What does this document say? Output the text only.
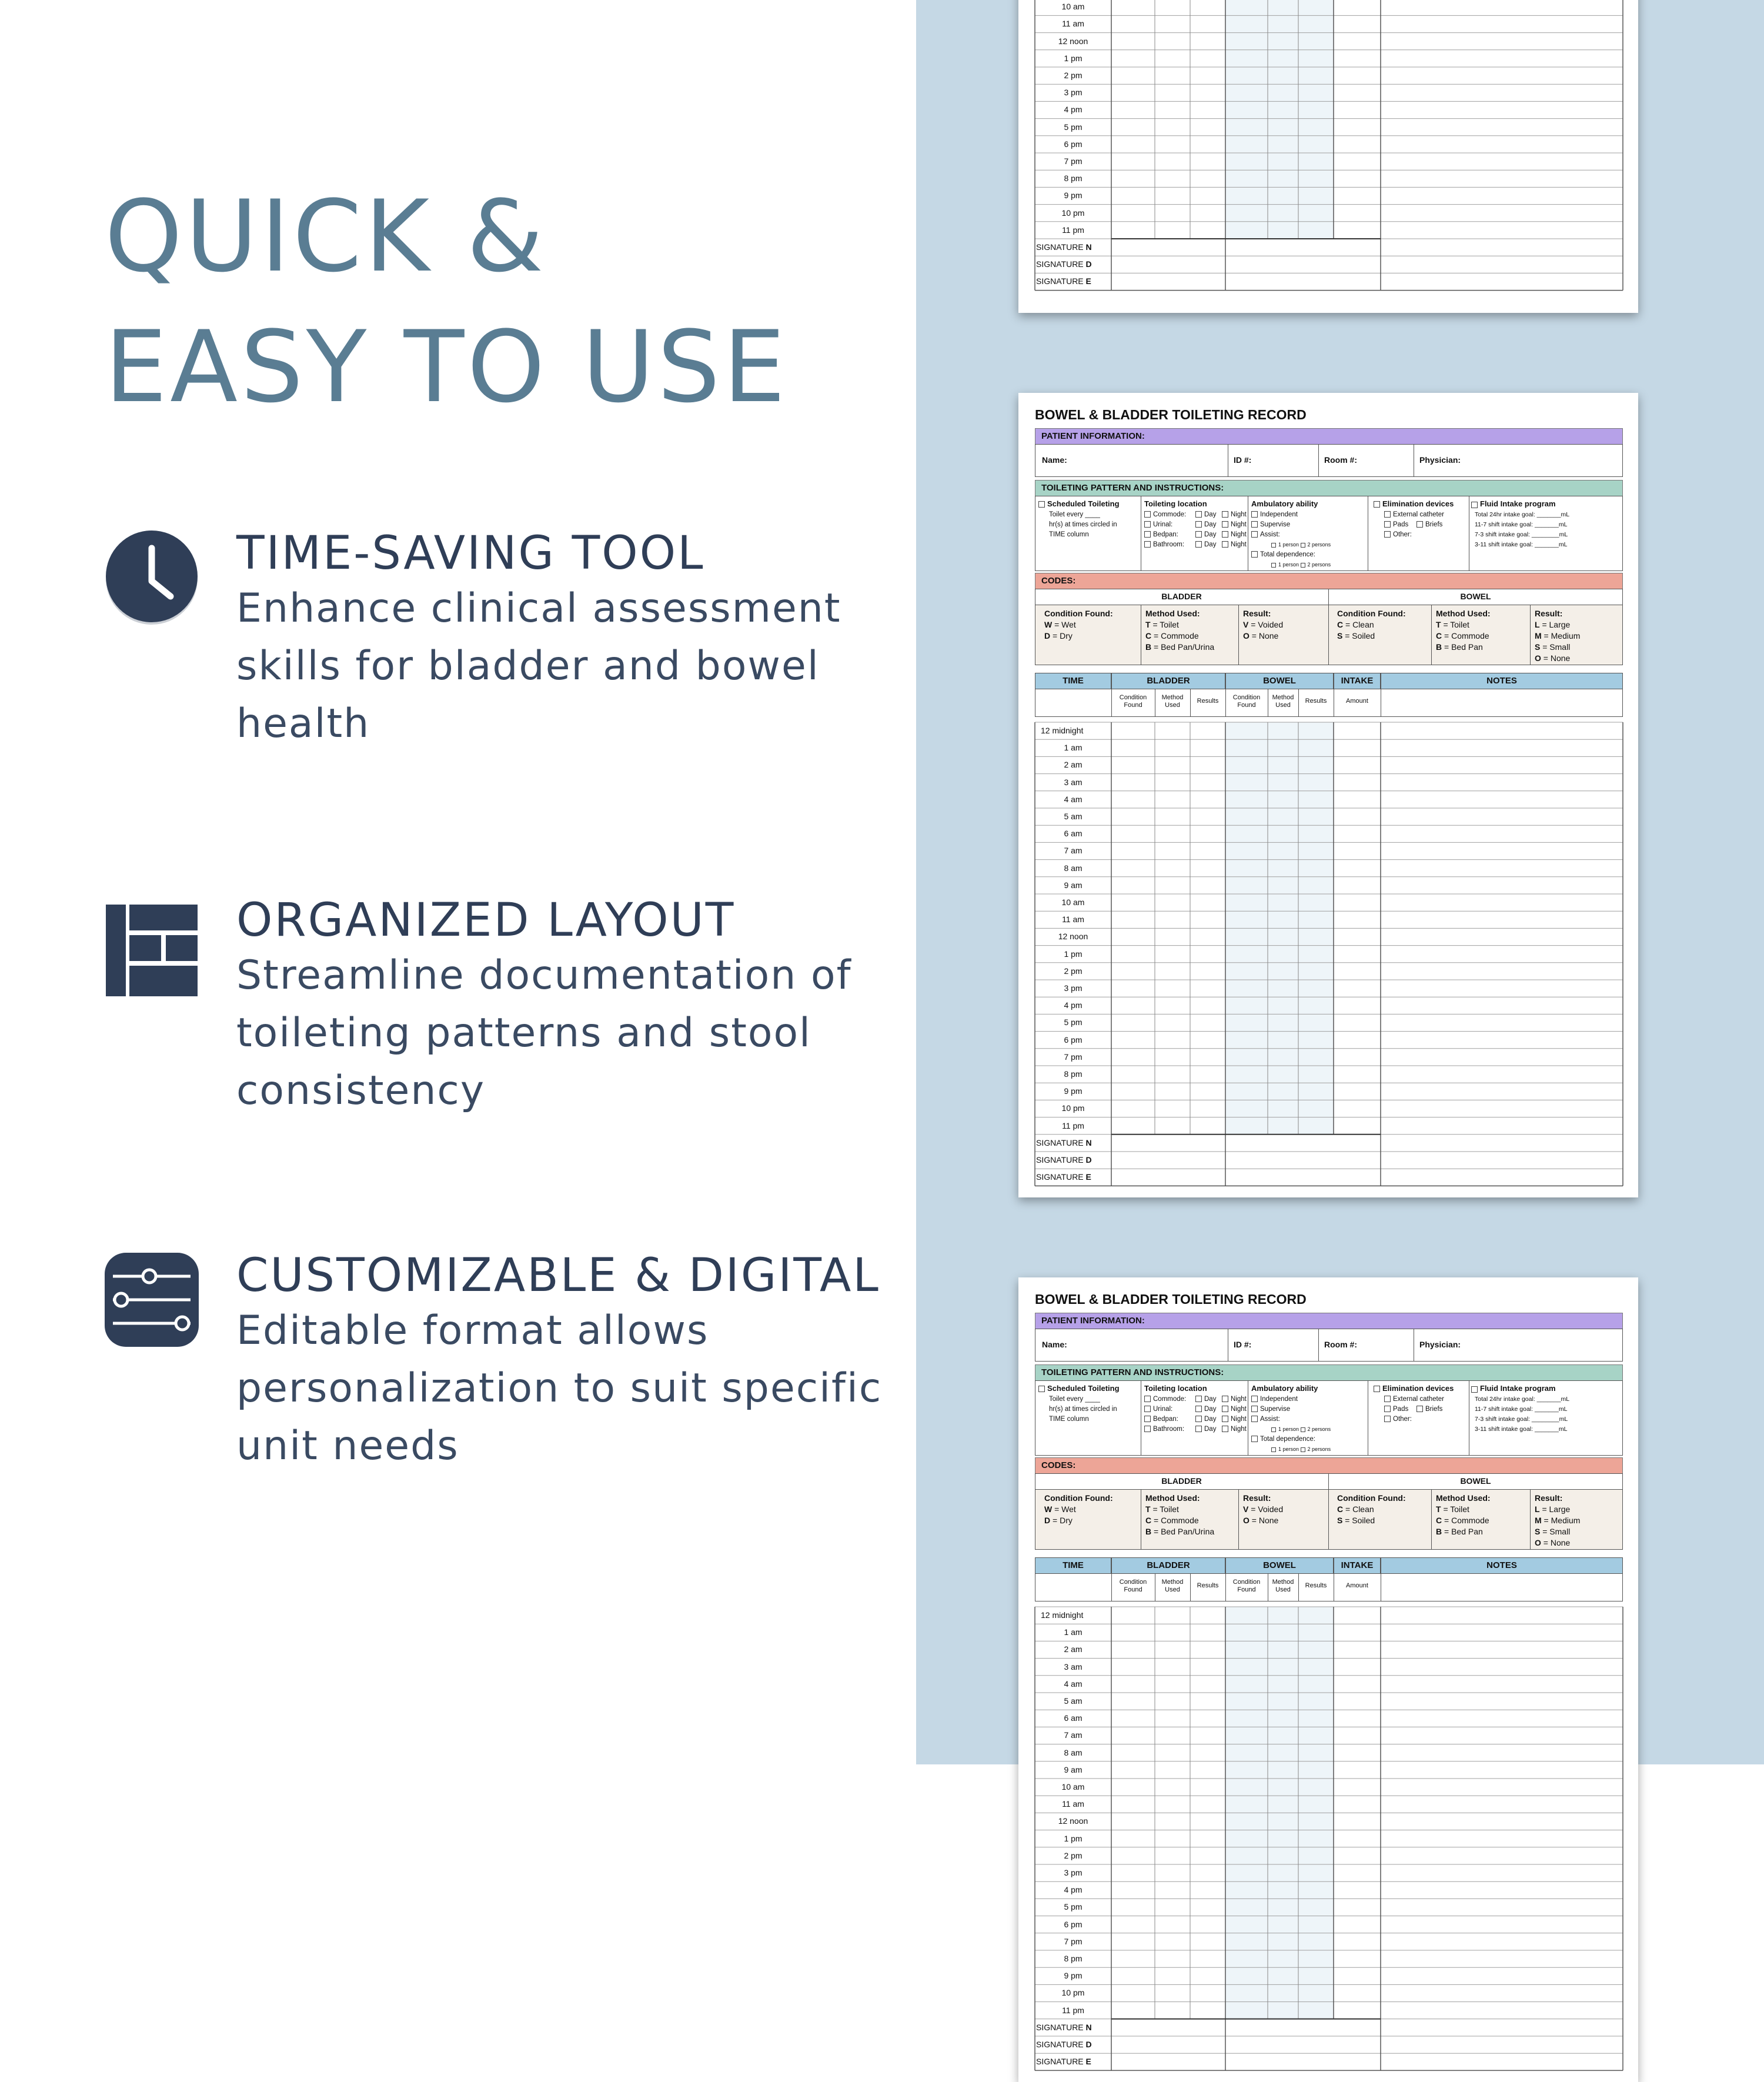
QUICK &
EASY TO USE
TIME-SAVING TOOL
Enhance clinical assessment skills for bladder and bowel health
ORGANIZED LAYOUT
Streamline documentation of toileting patterns and stool consistency
CUSTOMIZABLE & DIGITAL
Editable format allows personalization to suit specific unit needs
10 am
11 am
12 noon
1 pm
2 pm
3 pm
4 pm
5 pm
6 pm
7 pm
8 pm
9 pm
10 pm
11 pm
SIGNATURE N
SIGNATURE D
SIGNATURE E
BOWEL & BLADDER TOILETING RECORD
PATIENT INFORMATION:
Name:	ID #:	Room #:	Physician:
TOILETING PATTERN AND INSTRUCTIONS:
Scheduled Toileting
Toilet every ____
hr(s) at times circled in
TIME column
Toileting location
Commode:	Day Night
Urinal:	Day Night
Bedpan:	Day Night
Bathroom:	Day Night
Ambulatory ability
Independent
Supervise
Assist:
1 person 2 persons
Total dependence:
1 person 2 persons
Elimination devices
External catheter
Pads	Briefs
Other:
Fluid Intake program
Total 24hr intake goal: _______mL
11-7 shift intake goal: _______mL
7-3 shift intake goal: ________mL
3-11 shift intake goal: _______mL
CODES:
BLADDER	BOWEL
Condition Found:
W = Wet
D = Dry
Method Used:
T = Toilet
C = Commode
B = Bed Pan/Urina
Result:
V = Voided
O = None
Condition Found:
C = Clean
S = Soiled
Method Used:
T = Toilet
C = Commode
B = Bed Pan
Result:
L = Large
M = Medium
S = Small
O = None
TIME	BLADDER	BOWEL	INTAKE	NOTES
Condition
Found
Method
Used
Results	Condition
Found
Method
Used
Results	Amount
12 midnight
1 am
2 am
3 am
4 am
5 am
6 am
7 am
8 am
9 am
10 am
11 am
12 noon
1 pm
2 pm
3 pm
4 pm
5 pm
6 pm
7 pm
8 pm
9 pm
10 pm
11 pm
SIGNATURE N
SIGNATURE D
SIGNATURE E
BOWEL & BLADDER TOILETING RECORD
PATIENT INFORMATION:
Name:	ID #:	Room #:	Physician:
TOILETING PATTERN AND INSTRUCTIONS:
Scheduled Toileting
Toilet every ____
hr(s) at times circled in
TIME column
Toileting location
Commode:	Day Night
Urinal:	Day Night
Bedpan:	Day Night
Bathroom:	Day Night
Ambulatory ability
Independent
Supervise
Assist:
1 person 2 persons
Total dependence:
1 person 2 persons
Elimination devices
External catheter
Pads	Briefs
Other:
Fluid Intake program
Total 24hr intake goal: _______mL
11-7 shift intake goal: _______mL
7-3 shift intake goal: ________mL
3-11 shift intake goal: _______mL
CODES:
BLADDER	BOWEL
Condition Found:
W = Wet
D = Dry
Method Used:
T = Toilet
C = Commode
B = Bed Pan/Urina
Result:
V = Voided
O = None
Condition Found:
C = Clean
S = Soiled
Method Used:
T = Toilet
C = Commode
B = Bed Pan
Result:
L = Large
M = Medium
S = Small
O = None
TIME	BLADDER	BOWEL	INTAKE	NOTES
Condition
Found
Method
Used
Results	Condition
Found
Method
Used
Results	Amount
12 midnight
1 am
2 am
3 am
4 am
5 am
6 am
7 am
8 am
9 am
10 am
11 am
12 noon
1 pm
2 pm
3 pm
4 pm
5 pm
6 pm
7 pm
8 pm
9 pm
10 pm
11 pm
SIGNATURE N
SIGNATURE D
SIGNATURE E
